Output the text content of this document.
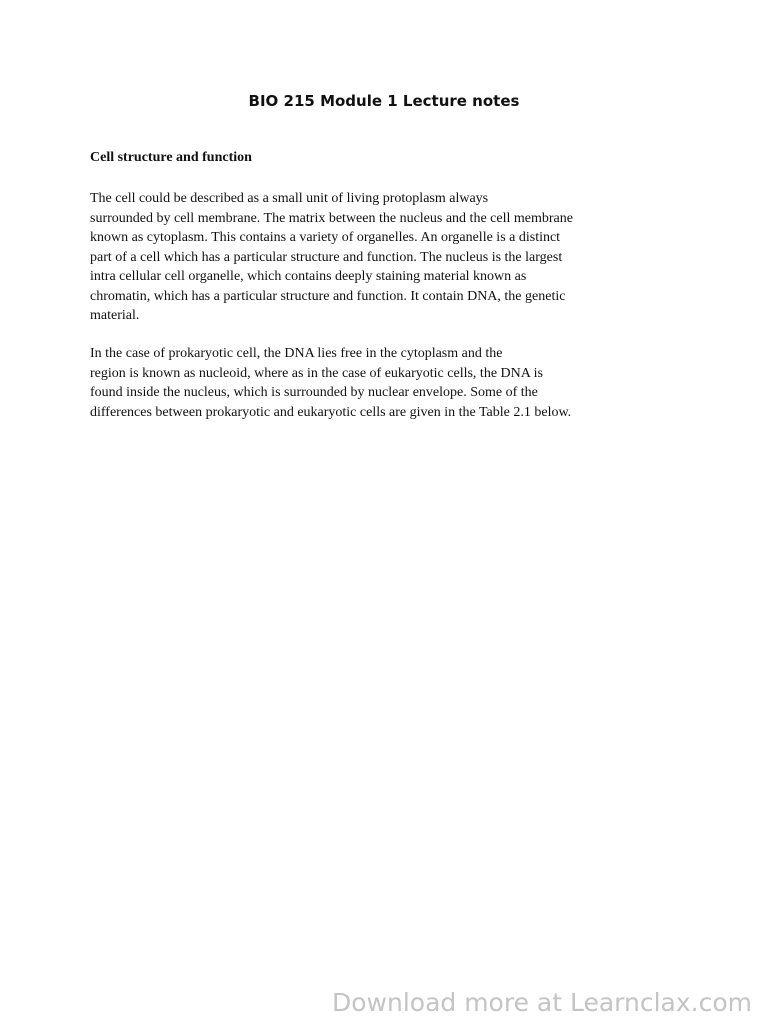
BIO 215 Module 1 Lecture notes
Cell structure and function

The cell could be described as a small unit of living protoplasm always
surrounded by cell membrane. The matrix between the nucleus and the cell membrane
known as cytoplasm. This contains a variety of organelles. An organelle is a distinct
part of a cell which has a particular structure and function. The nucleus is the largest
intra cellular cell organelle, which contains deeply staining material known as
chromatin, which has a particular structure and function. It contain DNA, the genetic
material.

In the case of prokaryotic cell, the DNA lies free in the cytoplasm and the
region is known as nucleoid, where as in the case of eukaryotic cells, the DNA is
found inside the nucleus, which is surrounded by nuclear envelope. Some of the
differences between prokaryotic and eukaryotic cells are given in the Table 2.1 below.

Download more at Learnclax.com
